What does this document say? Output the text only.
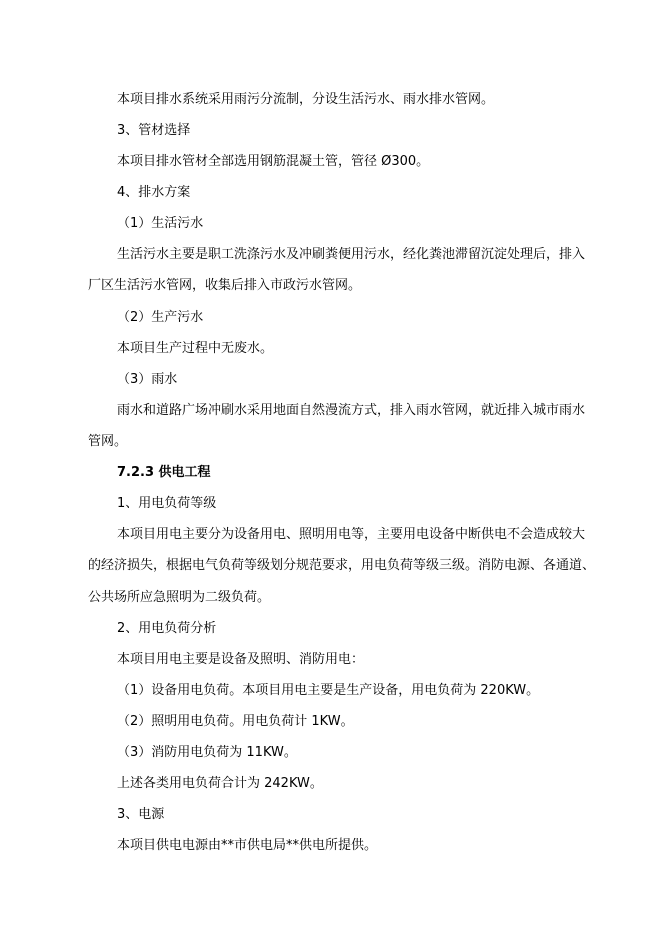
本项目排水系统采用雨污分流制，分设生活污水、雨水排水管网。
3、管材选择
本项目排水管材全部选用钢筋混凝土管，管径 Ø300。
4、排水方案
（1）生活污水
生活污水主要是职工洗涤污水及冲刷粪便用污水，经化粪池滞留沉淀处理后，排入
厂区生活污水管网，收集后排入市政污水管网。
（2）生产污水
本项目生产过程中无废水。
（3）雨水
雨水和道路广场冲刷水采用地面自然漫流方式，排入雨水管网，就近排入城市雨水
管网。
7.2.3 供电工程
1、用电负荷等级
本项目用电主要分为设备用电、照明用电等，主要用电设备中断供电不会造成较大
的经济损失，根据电气负荷等级划分规范要求，用电负荷等级三级。消防电源、各通道、
公共场所应急照明为二级负荷。
2、用电负荷分析
本项目用电主要是设备及照明、消防用电：
（1）设备用电负荷。本项目用电主要是生产设备，用电负荷为 220KW。
（2）照明用电负荷。用电负荷计 1KW。
（3）消防用电负荷为 11KW。
上述各类用电负荷合计为 242KW。
3、电源
本项目供电电源由**市供电局**供电所提供。
